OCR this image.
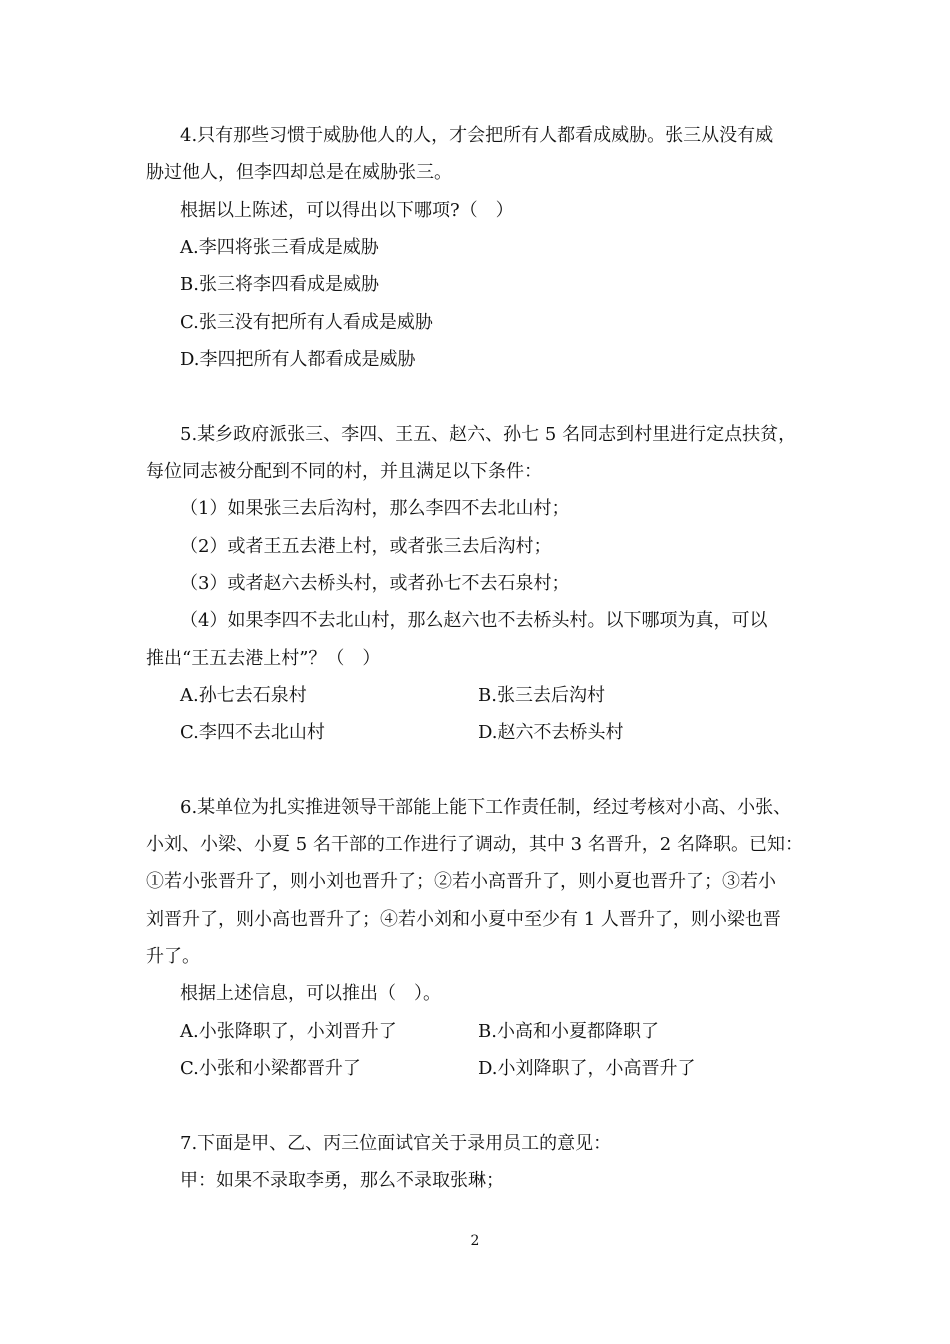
4.只有那些习惯于威胁他人的人，才会把所有人都看成威胁。张三从没有威
胁过他人，但李四却总是在威胁张三。
根据以上陈述，可以得出以下哪项?（　）
A.李四将张三看成是威胁
B.张三将李四看成是威胁
C.张三没有把所有人看成是威胁
D.李四把所有人都看成是威胁
5.某乡政府派张三、李四、王五、赵六、孙七 5 名同志到村里进行定点扶贫，
每位同志被分配到不同的村，并且满足以下条件：
（1）如果张三去后沟村，那么李四不去北山村；
（2）或者王五去港上村，或者张三去后沟村；
（3）或者赵六去桥头村，或者孙七不去石泉村；
（4）如果李四不去北山村，那么赵六也不去桥头村。以下哪项为真，可以
推出“王五去港上村”？（　）
A.孙七去石泉村	B.张三去后沟村
C.李四不去北山村	D.赵六不去桥头村
6.某单位为扎实推进领导干部能上能下工作责任制，经过考核对小高、小张、
小刘、小梁、小夏 5 名干部的工作进行了调动，其中 3 名晋升，2 名降职。已知：
①若小张晋升了，则小刘也晋升了；②若小高晋升了，则小夏也晋升了；③若小
刘晋升了，则小高也晋升了；④若小刘和小夏中至少有 1 人晋升了，则小梁也晋
升了。
根据上述信息，可以推出（　）。
A.小张降职了，小刘晋升了	B.小高和小夏都降职了
C.小张和小梁都晋升了	D.小刘降职了，小高晋升了
7.下面是甲、乙、丙三位面试官关于录用员工的意见：
甲：如果不录取李勇，那么不录取张琳；
2
